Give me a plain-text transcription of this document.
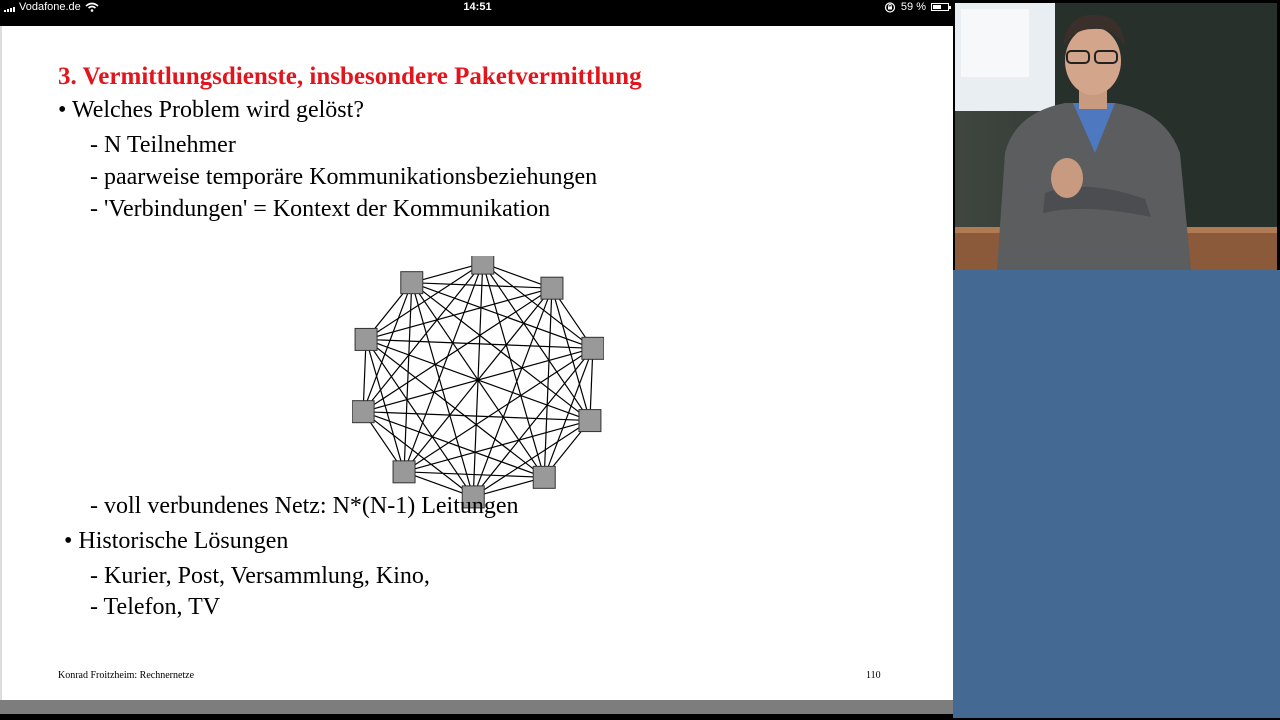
Vodafone.de	14:51	59 %
3. Vermittlungsdienste, insbesondere Paketvermittlung
• Welches Problem wird gelöst?
- N Teilnehmer
- paarweise temporäre Kommunikationsbeziehungen
- 'Verbindungen' = Kontext der Kommunikation
- voll verbundenes Netz: N*(N-1) Leitungen
• Historische Lösungen
- Kurier, Post, Versammlung, Kino,
- Telefon, TV
Konrad Froitzheim: Rechnernetze	110
